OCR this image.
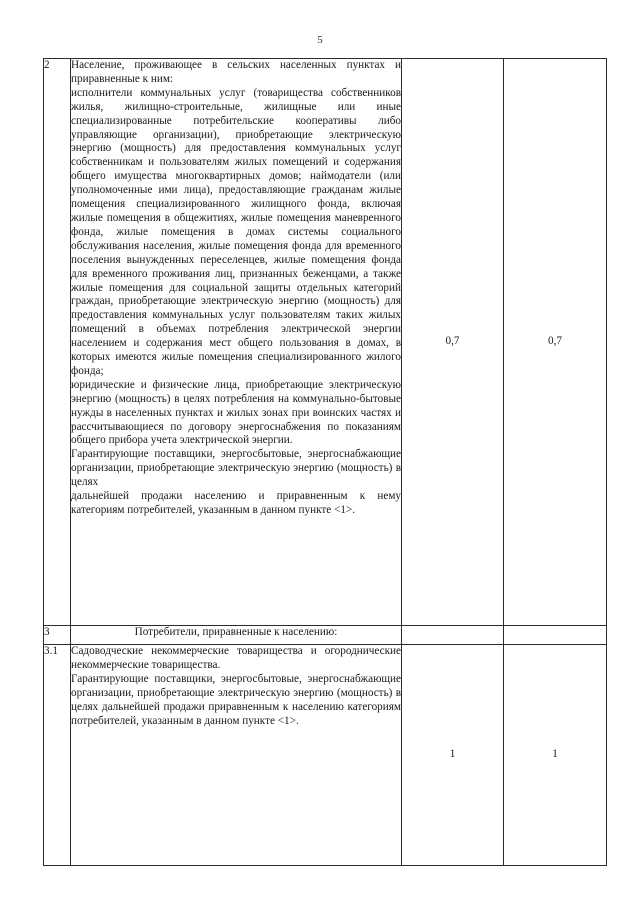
5
2	Население, проживающее в сельских населенных пунктах и приравненные к ним:
исполнители коммунальных услуг (товарищества собственников жилья, жилищно-строительные, жилищные или иные специализированные потребительские кооперативы либо управляющие организации), приобретающие электрическую энергию (мощность) для предоставления коммунальных услуг собственникам и пользователям жилых помещений и содержания общего имущества многоквартирных домов; наймодатели (или уполномоченные ими лица), предоставляющие гражданам жилые помещения специализированного жилищного фонда, включая жилые помещения в общежитиях, жилые помещения маневренного фонда, жилые помещения в домах системы социального обслуживания населения, жилые помещения фонда для временного поселения вынужденных переселенцев, жилые помещения фонда для временного проживания лиц, признанных беженцами, а также жилые помещения для социальной защиты отдельных категорий граждан, приобретающие электрическую энергию (мощность) для предоставления коммунальных услуг пользователям таких жилых помещений в объемах потребления электрической энергии населением и содержания мест общего пользования в домах, в которых имеются жилые помещения специализированного жилого фонда;
юридические и физические лица, приобретающие электрическую энергию (мощность) в целях потребления на коммунально-бытовые нужды в населенных пунктах и жилых зонах при воинских частях и рассчитывающиеся по договору энергоснабжения по показаниям общего прибора учета электрической энергии.
Гарантирующие поставщики, энергосбытовые, энергоснабжающие организации, приобретающие электрическую энергию (мощность) в целях
дальнейшей продажи населению и приравненным к нему категориям потребителей, указанным в данном пункте <1>.	0,7	0,7
3	Потребители, приравненные к населению:		
3.1	Садоводческие некоммерческие товарищества и огороднические некоммерческие товарищества.
Гарантирующие поставщики, энергосбытовые, энергоснабжающие организации, приобретающие электрическую энергию (мощность) в целях дальнейшей продажи приравненным к населению категориям потребителей, указанным в данном пункте <1>.	1	1
